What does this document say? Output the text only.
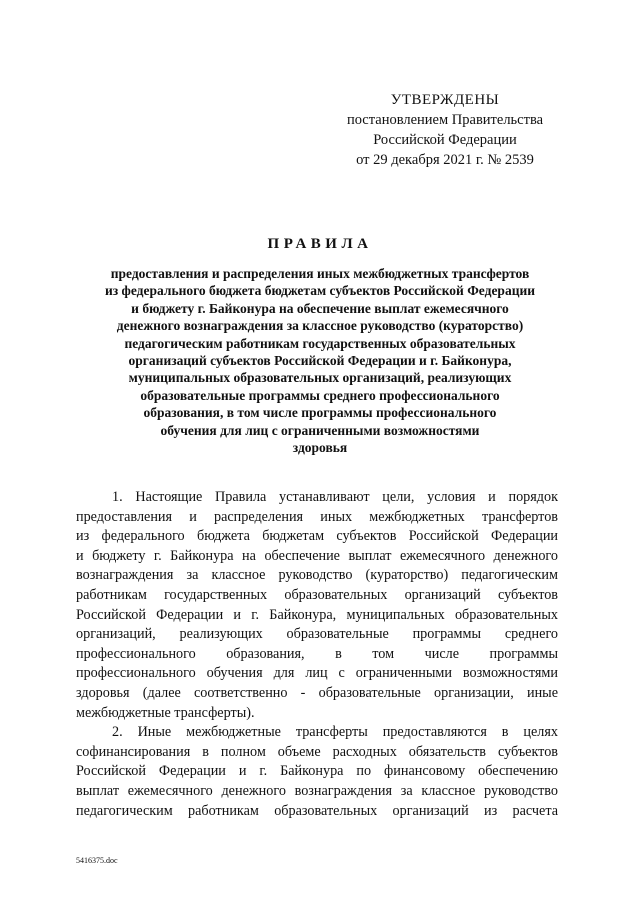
УТВЕРЖДЕНЫ
постановлением Правительства
Российской Федерации
от 29 декабря 2021 г. № 2539
ПРАВИЛА
предоставления и распределения иных межбюджетных трансфертов
из федерального бюджета бюджетам субъектов Российской Федерации
и бюджету г. Байконура на обеспечение выплат ежемесячного
денежного вознаграждения за классное руководство (кураторство)
педагогическим работникам государственных образовательных
организаций субъектов Российской Федерации и г. Байконура,
муниципальных образовательных организаций, реализующих
образовательные программы среднего профессионального
образования, в том числе программы профессионального
обучения для лиц с ограниченными возможностями
здоровья
1. Настоящие Правила устанавливают цели, условия и порядок
предоставления и распределения иных межбюджетных трансфертов
из федерального бюджета бюджетам субъектов Российской Федерации
и бюджету г. Байконура на обеспечение выплат ежемесячного денежного
вознаграждения за классное руководство (кураторство) педагогическим
работникам государственных образовательных организаций субъектов
Российской Федерации и г. Байконура, муниципальных образовательных
организаций, реализующих образовательные программы среднего
профессионального образования, в том числе программы
профессионального обучения для лиц с ограниченными возможностями
здоровья (далее соответственно - образовательные организации, иные
межбюджетные трансферты).
2. Иные межбюджетные трансферты предоставляются в целях
софинансирования в полном объеме расходных обязательств субъектов
Российской Федерации и г. Байконура по финансовому обеспечению
выплат ежемесячного денежного вознаграждения за классное руководство
педагогическим работникам образовательных организаций из расчета
5416375.doc
